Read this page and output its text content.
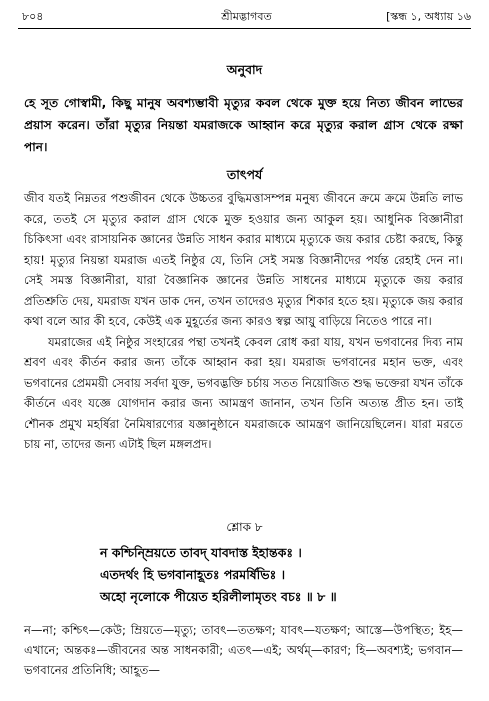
৮০৪	শ্রীমদ্ভাগবত	[স্কন্ধ ১, অধ্যায় ১৬
অনুবাদ
হে সূত গোস্বামী, কিছু মানুষ অবশ্যম্ভাবী মৃত্যুর কবল থেকে মুক্ত হয়ে নিত্য জীবন লাভের প্রয়াস করেন। তাঁরা মৃত্যুর নিয়ন্তা যমরাজকে আহ্বান করে মৃত্যুর করাল গ্রাস থেকে রক্ষা পান।
তাৎপর্য

জীব যতই নিম্নতর পশুজীবন থেকে উচ্চতর বুদ্ধিমত্তাসম্পন্ন মনুষ্য জীবনে ক্রমে ক্রমে উন্নতি লাভ করে, ততই সে মৃত্যুর করাল গ্রাস থেকে মুক্ত হওয়ার জন্য আকুল হয়। আধুনিক বিজ্ঞানীরা চিকিৎসা এবং রাসায়নিক জ্ঞানের উন্নতি সাধন করার মাধ্যমে মৃত্যুকে জয় করার চেষ্টা করছে, কিন্তু হায়! মৃত্যুর নিয়ন্তা যমরাজ এতই নিষ্ঠুর যে, তিনি সেই সমস্ত বিজ্ঞানীদের পর্যন্ত রেহাই দেন না। সেই সমস্ত বিজ্ঞানীরা, যারা বৈজ্ঞানিক জ্ঞানের উন্নতি সাধনের মাধ্যমে মৃত্যুকে জয় করার প্রতিশ্রুতি দেয়, যমরাজ যখন ডাক দেন, তখন তাদেরও মৃত্যুর শিকার হতে হয়। মৃত্যুকে জয় করার কথা বলে আর কী হবে, কেউই এক মুহূর্তের জন্য কারও স্বল্প আয়ু বাড়িয়ে নিতেও পারে না।

যমরাজের এই নিষ্ঠুর সংহারের পন্থা তখনই কেবল রোধ করা যায়, যখন ভগবানের দিব্য নাম শ্রবণ এবং কীর্তন করার জন্য তাঁকে আহ্বান করা হয়। যমরাজ ভগবানের মহান ভক্ত, এবং ভগবানের প্রেমময়ী সেবায় সর্বদা যুক্ত, ভগবদ্ভক্তি চর্চায় সতত নিয়োজিত শুদ্ধ ভক্তেরা যখন তাঁকে কীর্তনে এবং যজ্ঞে যোগদান করার জন্য আমন্ত্রণ জানান, তখন তিনি অত্যন্ত প্রীত হন। তাই শৌনক প্রমুখ মহর্ষিরা নৈমিষারণ্যের যজ্ঞানুষ্ঠানে যমরাজকে আমন্ত্রণ জানিয়েছিলেন। যারা মরতে চায় না, তাদের জন্য এটাই ছিল মঙ্গলপ্রদ।

শ্লোক ৮
ন কশ্চিন্ম্রিয়তে তাবদ্ যাবদাস্ত ইহান্তকঃ ।
এতদর্থং হি ভগবানাহূতঃ পরমর্ষিভিঃ ।
অহো নৃলোকে পীয়েত হরিলীলামৃতং বচঃ ॥ ৮ ॥
ন—না; কশ্চিৎ—কেউ; ম্রিয়তে—মৃত্যু; তাবৎ—ততক্ষণ; যাবৎ—যতক্ষণ; আস্তে—উপস্থিত; ইহ—এখানে; অন্তকঃ—জীবনের অন্ত সাধনকারী; এতৎ—এই; অর্থম্—কারণ; হি—অবশ্যই; ভগবান—ভগবানের প্রতিনিধি; আহূত—
